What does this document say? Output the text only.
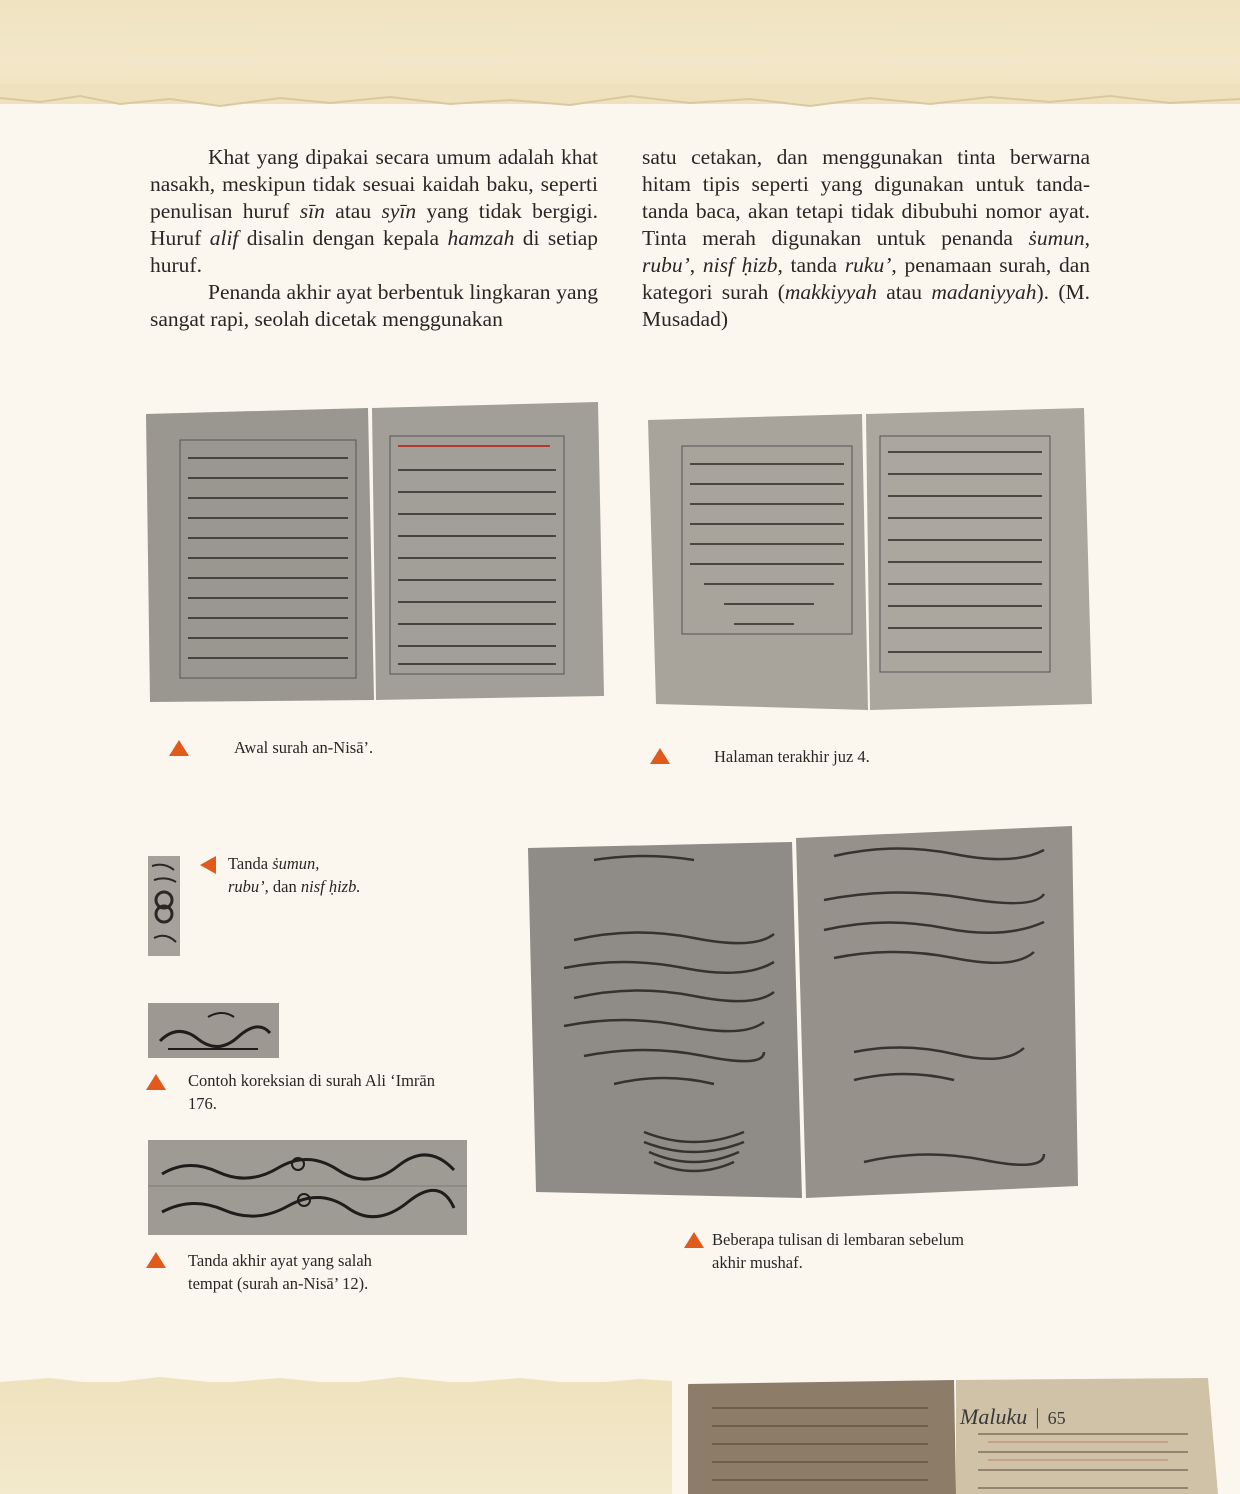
Khat yang dipakai secara umum adalah khat nasakh, meskipun tidak sesuai kaidah baku, seperti penulisan huruf sīn atau syīn yang tidak bergigi. Huruf alif disalin dengan kepala hamzah di setiap huruf.

Penanda akhir ayat berbentuk lingkaran yang sangat rapi, seolah dicetak menggunakan

satu cetakan, dan menggunakan tinta berwarna hitam tipis seperti yang digunakan untuk tanda-tanda baca, akan tetapi tidak dibubuhi nomor ayat. Tinta merah digunakan untuk penanda ṡumun, rubu’, nisf ḥizb, tanda ruku’, penamaan surah, dan kategori surah (makkiyyah atau madaniyyah). (M. Musadad)

Awal surah an-Nisā’.	Halaman terakhir juz 4.
Tanda ṡumun,
rubu’, dan nisf ḥizb.
Contoh koreksian di surah Ali ‘Imrān
176.
Tanda akhir ayat yang salah
tempat (surah an-Nisā’ 12).
Beberapa tulisan di lembaran sebelum
akhir mushaf.
Maluku | 65
